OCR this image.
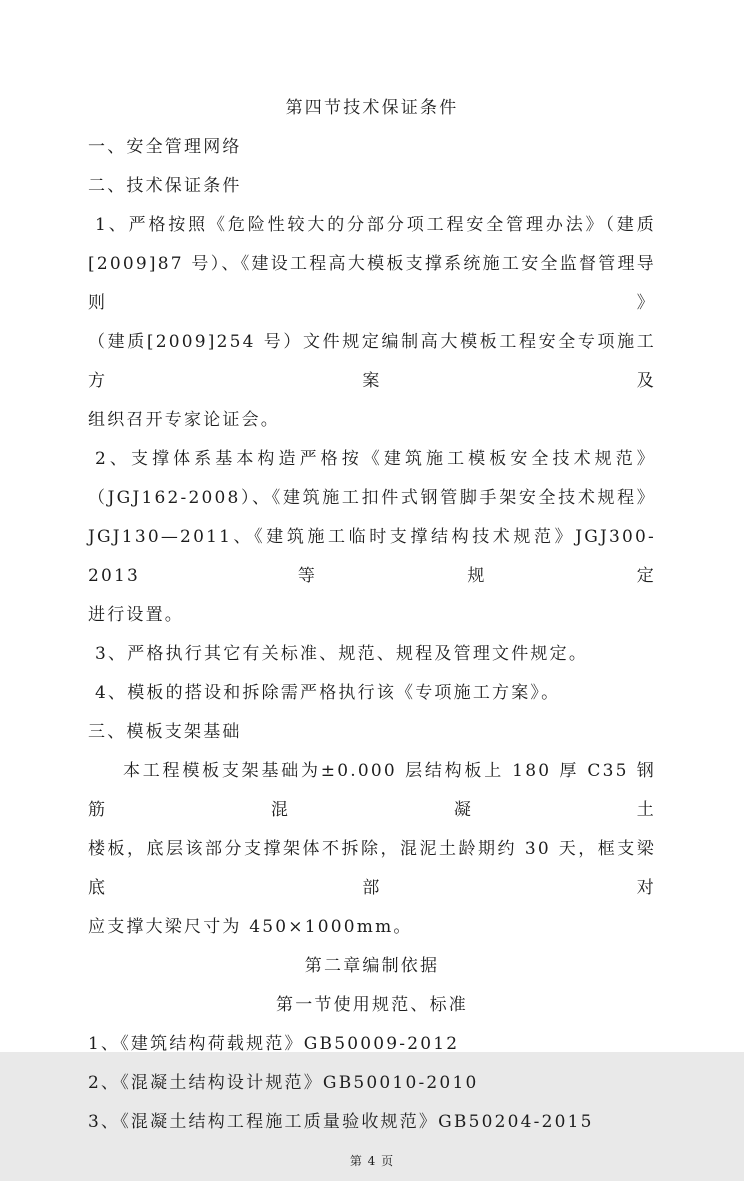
第四节技术保证条件
一、安全管理网络
二、技术保证条件
1、严格按照《危险性较大的分部分项工程安全管理办法》（建质
[2009]87 号）、《建设工程高大模板支撑系统施工安全监督管理导则》
（建质[2009]254 号）文件规定编制高大模板工程安全专项施工方案及
组织召开专家论证会。
2、支撑体系基本构造严格按《建筑施工模板安全技术规范》
（JGJ162-2008）、《建筑施工扣件式钢管脚手架安全技术规程》
JGJ130—2011、《建筑施工临时支撑结构技术规范》JGJ300-2013 等规定
进行设置。
3、严格执行其它有关标准、规范、规程及管理文件规定。
4、模板的搭设和拆除需严格执行该《专项施工方案》。
三、模板支架基础
本工程模板支架基础为±0.000 层结构板上 180 厚 C35 钢筋混凝土
楼板，底层该部分支撑架体不拆除，混泥土龄期约 30 天，框支梁底部对
应支撑大梁尺寸为 450×1000mm。
第二章编制依据
第一节使用规范、标准
1、《建筑结构荷载规范》GB50009-2012
2、《混凝土结构设计规范》GB50010-2010
3、《混凝土结构工程施工质量验收规范》GB50204-2015
第 4 页
